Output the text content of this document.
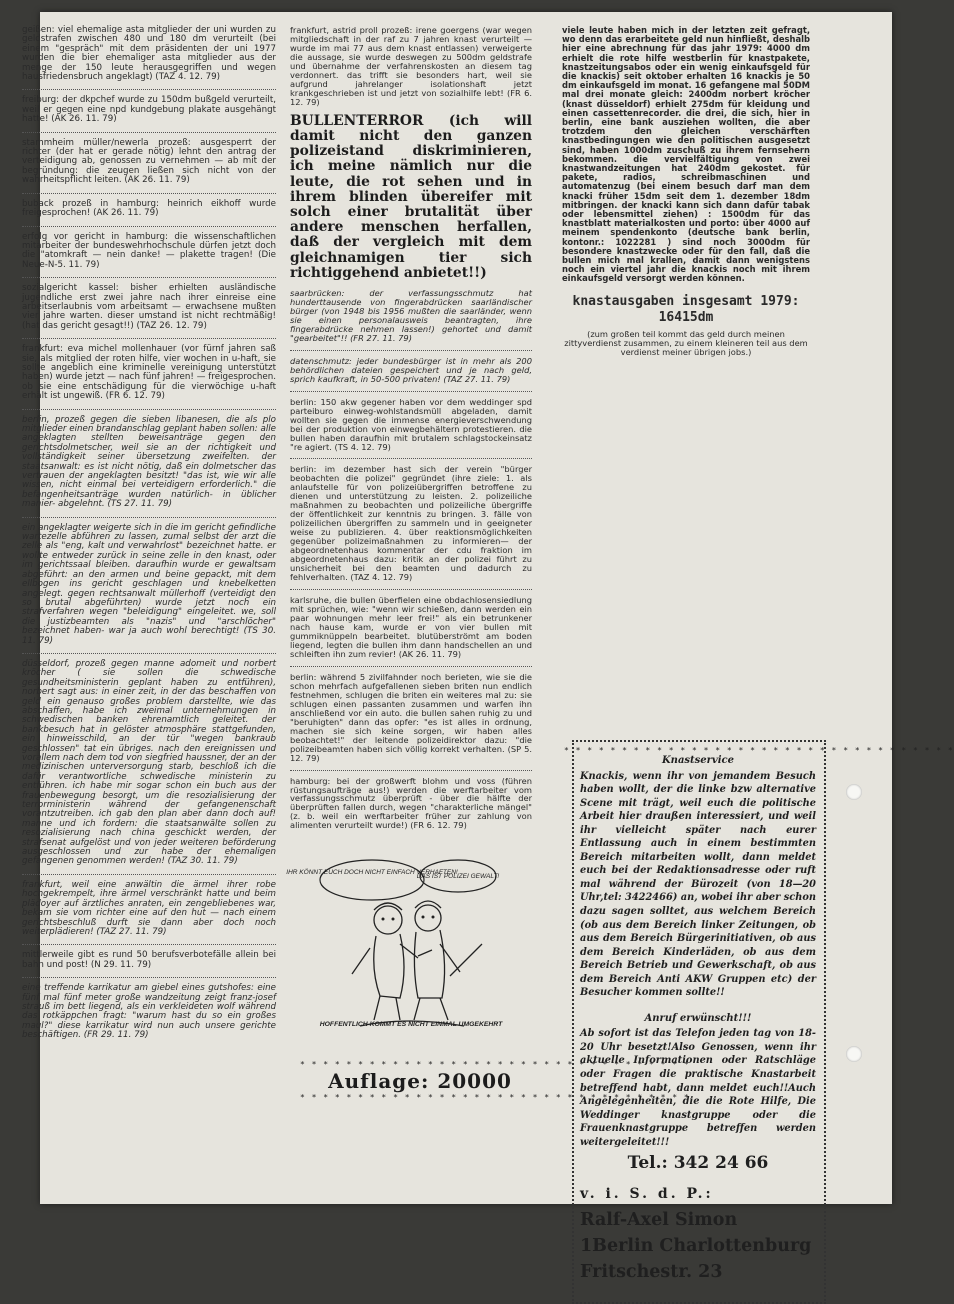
geißen: viel ehemalige asta mitglieder der uni wurden zu geldstrafen zwischen 480 und 180 dm verurteilt (bei einem "gespräch" mit dem präsidenten der uni 1977 wurden die bier ehemaliger asta mitglieder aus der menge der 150 leute herausgegriffen und wegen hausfriedensbruch angeklagt) (TAZ 4. 12. 79)
freiburg: der dkpchef wurde zu 150dm bußgeld verurteilt, weil er gegen eine npd kundgebung plakate ausgehängt hatte! (AK 26. 11. 79)
stammheim müller/newerla prozeß: ausgesperrt der richter (der hat er gerade nötig) lehnt den antrag der verteidigung ab, genossen zu vernehmen — ab mit der begründung: die zeugen ließen sich nicht von der wahrheitspflicht leiten. (AK 26. 11. 79)
buback prozeß in hamburg: heinrich eikhoff wurde freigesprochen! (AK 26. 11. 79)
erfolg vor gericht in hamburg: die wissenschaftlichen mitarbeiter der bundeswehrhochschule dürfen jetzt doch die "atomkraft — nein danke! — plakette tragen! (Die Neue-N-5. 11. 79)
sozialgericht kassel: bisher erhielten ausländische jugendliche erst zwei jahre nach ihrer einreise eine arbeitserlaubnis vom arbeitsamt — erwachsene mußten vier jahre warten. dieser umstand ist nicht rechtmäßig! (hat das gericht gesagt!!) (TAZ 26. 12. 79)
frankfurt: eva michel mollenhauer (vor fürnf jahren saß sie, als mitglied der roten hilfe, vier wochen in u-haft, sie sollte angeblich eine kriminelle vereinigung unterstützt haben) wurde jetzt — nach fünf jahren! — freigesprochen. ob sie eine entschädigung für die vierwöchige u-haft erhält ist ungewiß. (FR 6. 12. 79)
berlin, prozeß gegen die sieben libanesen, die als plo mitglieder einen brandanschlag geplant haben sollen: alle angeklagten stellten beweisanträge gegen den gerichtsdolmetscher, weil sie an der richtigkeit und vollständigkeit seiner übersetzung zweifelten. der staatsanwalt: es ist nicht nötig, daß ein dolmetscher das vertrauen der angeklagten besitzt! "das ist, wie wir alle wissen, nicht einmal bei verteidigern erforderlich." die befangenheitsanträge wurden natürlich- in üblicher manier- abgelehnt. (TS 27. 11. 79)
ein angeklagter weigerte sich in die im gericht gefindliche wartezelle abführen zu lassen, zumal selbst der arzt die zelle als "eng, kalt und verwahrlost" bezeichnet hatte. er wollte entweder zurück in seine zelle in den knast, oder im gerichtssaal bleiben. daraufhin wurde er gewaltsam abgeführt: an den armen und beine gepackt, mit dem ellbogen ins gericht geschlagen und knebelketten angelegt. gegen rechtsanwalt müllerhoff (verteidigt den so brutal abgeführten) wurde jetzt noch ein strafverfahren wegen "beleidigung" eingeleitet. we, soll die justizbeamten als "nazis" und "arschlöcher" bezeichnet haben- war ja auch wohl berechtigt! (TS 30. 11. 79)
düsseldorf, prozeß gegen manne adomeit und norbert kröcher ( sie sollen die schwedische gesundheitsministerin geplant haben zu entführen), norbert sagt aus: in einer zeit, in der das beschaffen von geld ein genauso großes problem darstellte, wie das abschaffen, habe ich zweimal unternehmungen in schwedischen banken ehrenamtlich geleitet. der bankbesuch hat in gelöster atmosphäre stattgefunden, ein hinweisschild, an der tür "wegen bankraub geschlossen" tat ein übriges. nach den ereignissen und vorallem nach dem tod von siegfried haussner, der an der medizinischen unterversorgung starb, beschloß ich die dafür verantwortliche schwedische ministerin zu entführen. ich habe mir sogar schon ein buch aus der frauenbewegung besorgt, um die resozialisierung der terrorministerin während der gefangenenschaft vorantzutreiben. ich gab den plan aber dann doch auf! manne und ich fordern: die staatsanwälte sollen zu resozialisierung nach china geschickt werden, der strafsenat aufgelöst und von jeder weiteren beförderung ausgeschlossen und zur habe der ehemaligen gefangenen genommen werden! (TAZ 30. 11. 79)
frankfurt, weil eine anwältin die ärmel ihrer robe hochgekrempelt, ihre ärmel verschränkt hatte und beim plädoyer auf ärztliches anraten, ein zengebliebenes war, bekam sie vom richter eine auf den hut — nach einem gerichtsbeschluß durft sie dann aber doch noch weiterplädieren! (TAZ 27. 11. 79)
mittlerweile gibt es rund 50 berufsverbotefälle allein bei bahn und post! (N 29. 11. 79)
eine treffende karrikatur am giebel eines gutshofes: eine fünf mal fünf meter große wandzeitung zeigt franz-josef strauß im bett liegend, als ein verkleideten wolf während das rotkäppchen fragt: "warum hast du so ein großes maul?" diese karrikatur wird nun auch unsere gerichte beschäftigen. (FR 29. 11. 79)
frankfurt, astrid proll prozeß: irene goergens (war wegen mitgliedschaft in der raf zu 7 jahren knast verurteilt — wurde im mai 77 aus dem knast entlassen) verweigerte die aussage, sie wurde deswegen zu 500dm geldstrafe und übernahme der verfahrenskosten an diesem tag verdonnert. das trifft sie besonders hart, weil sie aufgrund jahrelanger isolationshaft jetzt krankgeschrieben ist und jetzt von sozialhilfe lebt! (FR 6. 12. 79)
BULLENTERROR (ich will damit nicht den ganzen polizeistand diskriminieren, ich meine nämlich nur die leute, die rot sehen und in ihrem blinden übereifer mit solch einer brutalität über andere menschen herfallen, daß der vergleich mit dem gleichnamigen tier sich richtiggehend anbietet!!)
saarbrücken: der verfassungsschmutz hat hunderttausende von fingerabdrücken saarländischer bürger (von 1948 bis 1956 mußten die saarländer, wenn sie einen personalausweis beantragten, ihre fingerabdrücke nehmen lassen!) gehortet und damit "gearbeitet"!! (FR 27. 11. 79)
datenschmutz: jeder bundesbürger ist in mehr als 200 behördlichen dateien gespeichert und je nach geld, sprich kaufkraft, in 50-500 privaten! (TAZ 27. 11. 79)
berlin: 150 akw gegener haben vor dem weddinger spd parteiburo einweg-wohlstandsmüll abgeladen, damit wollten sie gegen die immense energieverschwendung bei der produktion von einwegbehältern protestieren. die bullen haben daraufhin mit brutalem schlagstockeinsatz "re agiert. (TS 4. 12. 79)
berlin: im dezember hast sich der verein "bürger beobachten die polizei" gegründet (ihre ziele: 1. als anlaufstelle für von polizeiübergriffen betroffene zu dienen und unterstützung zu leisten. 2. polizeiliche maßnahmen zu beobachten und polizeiliche übergriffe der öffentlichkeit zur kenntnis zu bringen. 3. fälle von polizeilichen übergriffen zu sammeln und in geeigneter weise zu publizieren. 4. über reaktionsmöglichkeiten gegenüber polizeimaßnahmen zu informieren— der abgeordnetenhaus kommentar der cdu fraktion im abgeordnetenhaus dazu: kritik an der polizei führt zu unsicherheit bei den beamten und dadurch zu fehlverhalten. (TAZ 4. 12. 79)
karlsruhe, die bullen überfielen eine obdachlosensiedlung mit sprüchen, wie: "wenn wir schießen, dann werden ein paar wohnungen mehr leer frei!" als ein betrunkener nach hause kam, wurde er von vier bullen mit gummiknüppeln bearbeitet. blutüberströmt am boden liegend, legten die bullen ihm dann handschellen an und schleiften ihn zum revier! (AK 26. 11. 79)
berlin: während 5 zivilfahnder noch berieten, wie sie die schon mehrfach aufgefallenen sieben briten nun endlich festnehmen, schlugen die briten ein weiteres mal zu: sie schlugen einen passanten zusammen und warfen ihn anschließend vor ein auto. die bullen sahen ruhig zu und "beruhigten" dann das opfer: "es ist alles in ordnung, machen sie sich keine sorgen, wir haben alles beobachtet!" der leitende polizeidirektor dazu: "die polizeibeamten haben sich völlig korrekt verhalten. (SP 5. 12. 79)
hamburg: bei der großwerft blohm und voss (führen rüstungsaufträge aus!) werden die werftarbeiter vom verfassungsschmutz überprüft - über die hälfte der überprüften fallen durch, wegen "charakterliche mängel" (z. b. weil ein werftarbeiter früher zur zahlung von alimenten verurteilt wurde!) (FR 6. 12. 79)
viele leute haben mich in der letzten zeit gefragt, wo denn das erarbeitete geld nun hinfließt, deshalb hier eine abrechnung für das jahr 1979: 4000 dm erhielt die rote hilfe westberlin für knastpakete, knastzeitungsabos oder ein wenig einkaufsgeld für die knackis) seit oktober erhalten 16 knackis je 50 dm einkaufsgeld im monat. 16 gefangene mal 50DM mal drei monate gleich: 2400dm norbert kröcher (knast düsseldorf) erhielt 275dm für kleidung und einen cassettenrecorder. die drei, die sich, hier in berlin, eine bank ausziehen wollten, die aber trotzdem den gleichen verschärften knastbedingungen wie den politischen ausgesetzt sind, haben 1000dm zuschuß zu ihrem fernsehern bekommen. die vervielfältigung von zwei knastwandzeitungen hat 240dm gekostet. für pakete, radios, schreibmaschinen und automatenzug (bei einem besuch darf man dem knacki früher 15dm seit dem 1. dezember 18dm mitbringen. der knacki kann sich dann dafür tabak oder lebensmittel ziehen) : 1500dm für das knastblatt materialkosten und porto: über 4000 auf meinem spendenkonto (deutsche bank berlin, kontonr.: 1022281 ) sind noch 3000dm für besondere knastzwecke oder für den fall, daß die bullen mich mal krallen, damit dann wenigstens noch ein viertel jahr die knackis noch mit ihrem einkaufsgeld versorgt werden können.
knastausgaben insgesamt 1979: 16415dm
(zum großen teil kommt das geld durch meinen zittyverdienst zusammen, zu einem kleineren teil aus dem verdienst meiner übrigen jobs.)
* * * * * * * * * * * * * * * * * * * * * * * * * * * * * * * * * *
Knastservice
Knackis, wenn ihr von jemandem Besuch haben wollt, der die linke bzw alternative Scene mit trägt, weil euch die politische Arbeit hier draußen interessiert, und weil ihr vielleicht später nach eurer Entlassung auch in einem bestimmten Bereich mitarbeiten wollt, dann meldet euch bei der Redaktionsadresse oder ruft mal während der Bürozeit (von 18—20 Uhr,tel: 3422466) an, wobei ihr aber schon dazu sagen solltet, aus welchem Bereich (ob aus dem Bereich linker Zeitungen, ob aus dem Bereich Bürgerinitiativen, ob aus dem Bereich Kinderläden, ob aus dem Bereich Betrieb und Gewerkschaft, ob aus dem Bereich Anti AKW Gruppen etc) der Besucher kommen sollte!!
Anruf erwünscht!!!
Ab sofort ist das Telefon jeden tag von 18-20 Uhr besetzt!Also Genossen, wenn ihr aktuelle Informationen oder Ratschläge oder Fragen die praktische Knastarbeit betreffend habt, dann meldet euch!!Auch Angelegenheiten, die die Rote Hilfe, Die Weddinger knastgruppe oder die Frauenknastgruppe betreffen werden weitergeleitet!!!
Tel.: 342 24 66
v. i. S. d. P.:
Ralf-Axel Simon
1Berlin Charlottenburg
Fritschestr. 23
IHR KÖNNT EUCH DOCH NICHT EINFACH VERHAFTEN!
DAS IST POLIZEI GEWALT!
HOFFENTLICH KOMMT ES NICHT EINMAL UMGEKEHRT
* * * * * * * * * * * * * * * * * * * * * * * * * * * * * * * * * *
Auflage: 20000
* * * * * * * * * * * * * * * * * * * * * * * * * * * * * * * * * *
